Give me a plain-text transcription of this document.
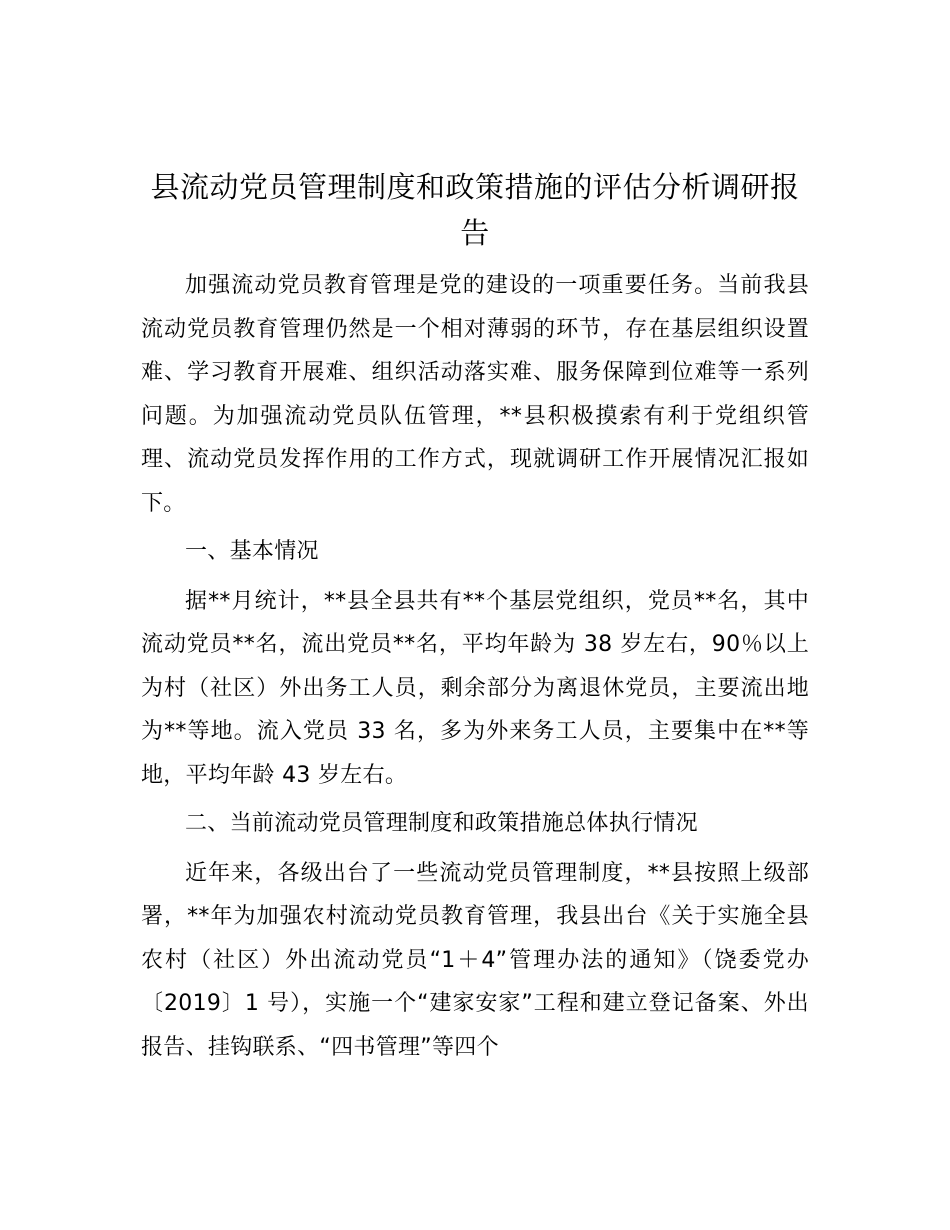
县流动党员管理制度和政策措施的评估分析调研报告

加强流动党员教育管理是党的建设的一项重要任务。当前我县流动党员教育管理仍然是一个相对薄弱的环节，存在基层组织设置难、学习教育开展难、组织活动落实难、服务保障到位难等一系列问题。为加强流动党员队伍管理，**县积极摸索有利于党组织管理、流动党员发挥作用的工作方式，现就调研工作开展情况汇报如下。

一、基本情况

据**月统计，**县全县共有**个基层党组织，党员**名，其中流动党员**名，流出党员**名，平均年龄为 38 岁左右，90％以上为村（社区）外出务工人员，剩余部分为离退休党员，主要流出地为**等地。流入党员 33 名，多为外来务工人员，主要集中在**等地，平均年龄 43 岁左右。

二、当前流动党员管理制度和政策措施总体执行情况

近年来，各级出台了一些流动党员管理制度，**县按照上级部署，**年为加强农村流动党员教育管理，我县出台《关于实施全县农村（社区）外出流动党员“1＋4”管理办法的通知》（饶委党办〔2019〕1 号），实施一个“建家安家”工程和建立登记备案、外出报告、挂钩联系、“四书管理”等四个
